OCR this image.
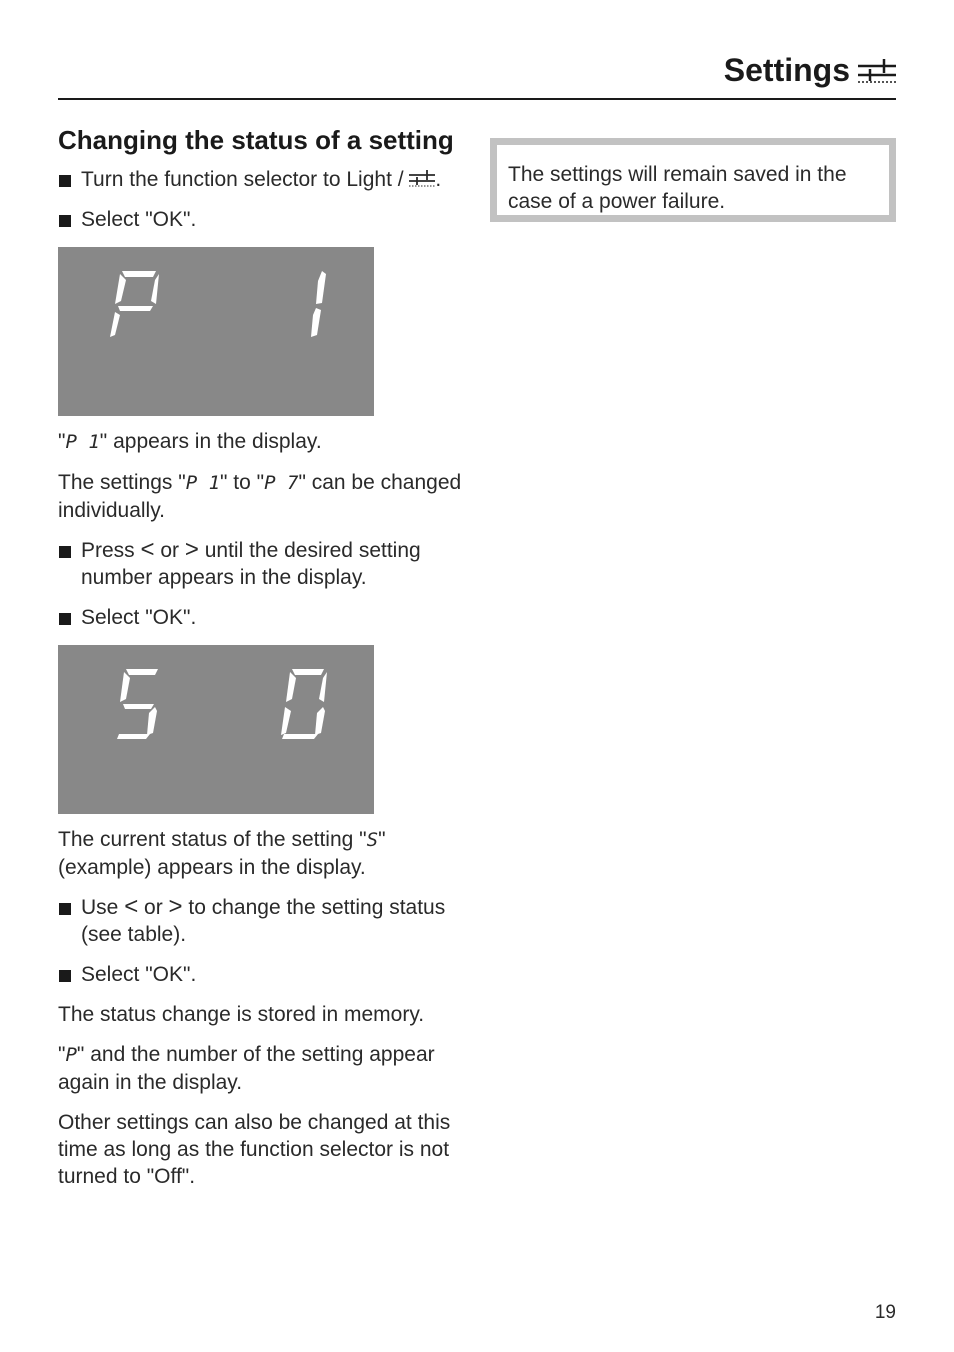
Settings
Changing the status of a setting
Turn the function selector to Light / .
Select "OK".

"P 1" appears in the display.

The settings "P 1" to "P 7" can be changed individually.

Press < or > until the desired setting number appears in the display.
Select "OK".

The current status of the setting "S" (example) appears in the display.

Use < or > to change the setting status (see table).
Select "OK".

The status change is stored in memory.

"P" and the number of the setting appear again in the display.

Other settings can also be changed at this time as long as the function selector is not turned to "Off".

The settings will remain saved in the case of a power failure.
19
